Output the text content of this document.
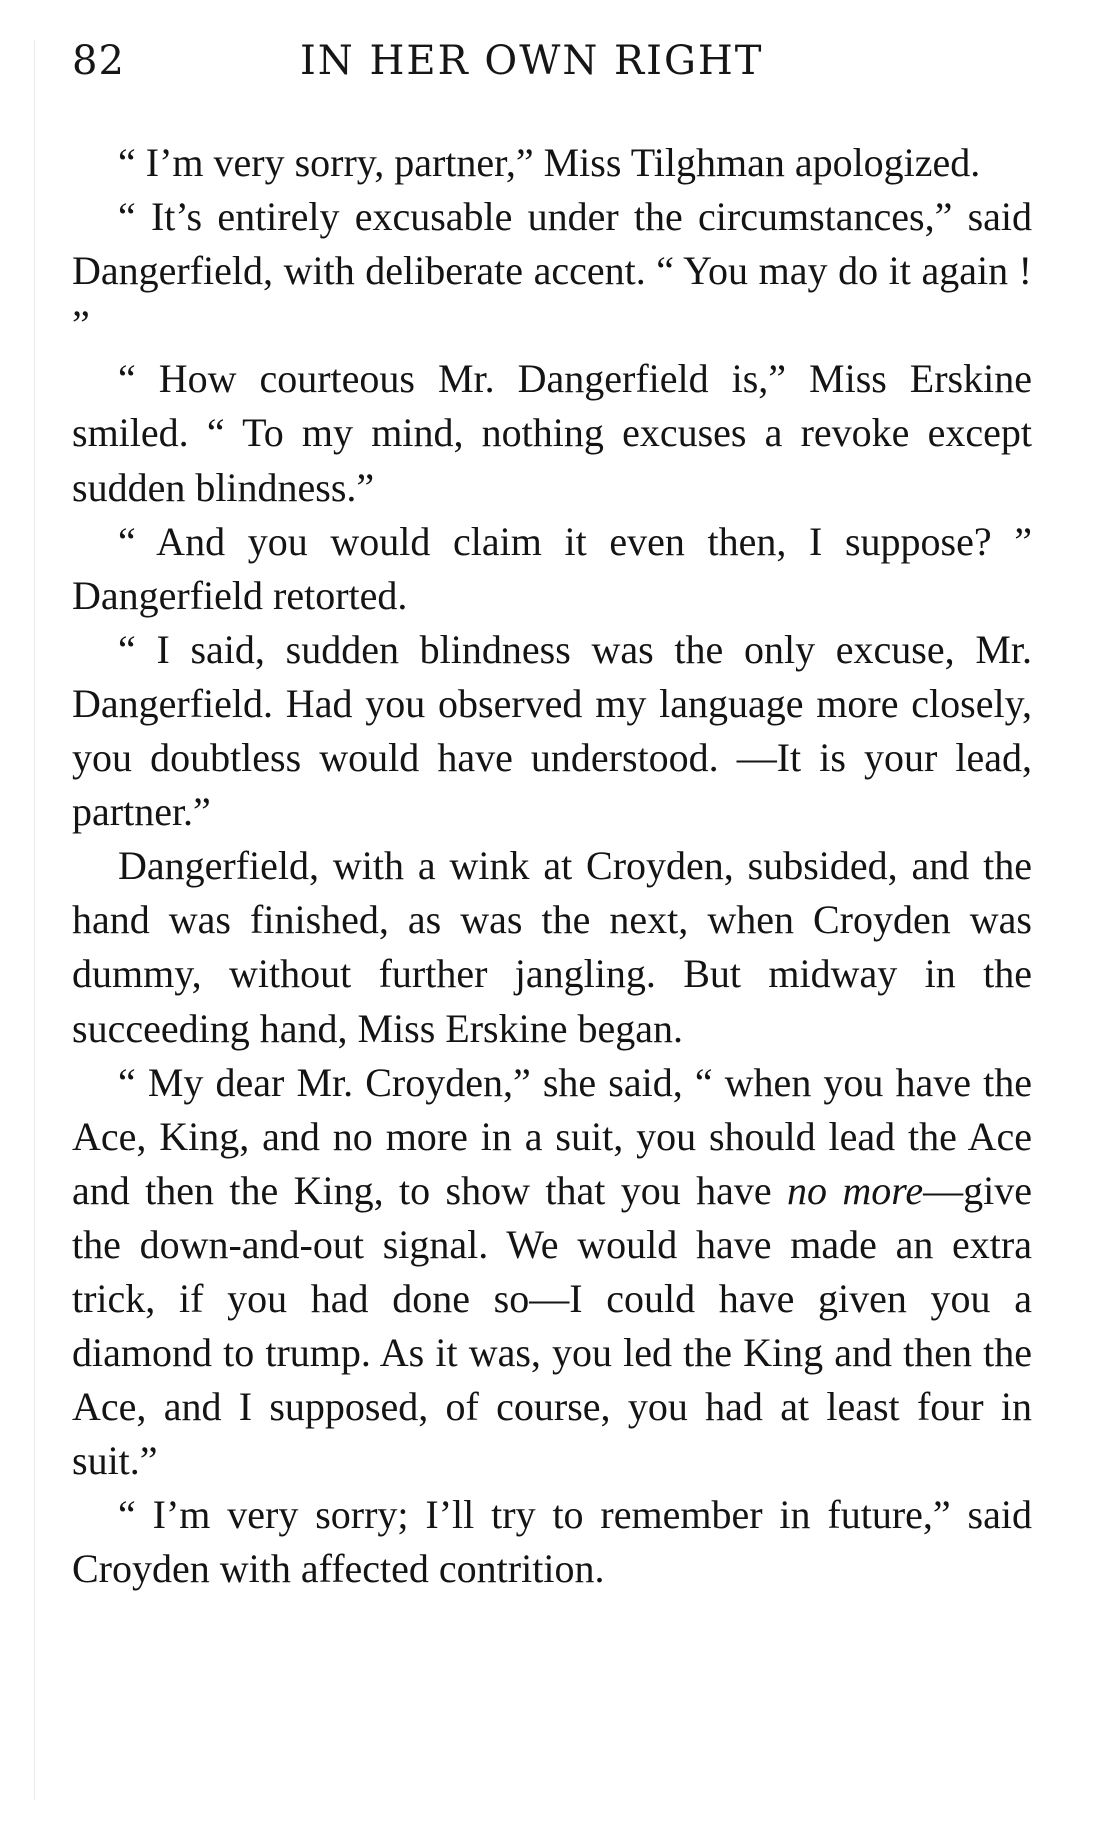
82	IN HER OWN RIGHT

“ I’m very sorry, partner,” Miss Tilghman apologized.

“ It’s entirely excusable under the circumstances,” said Dangerfield, with deliberate accent. “ You may do it again ! ”

“ How courteous Mr. Dangerfield is,” Miss Erskine smiled. “ To my mind, nothing excuses a revoke except sudden blindness.”

“ And you would claim it even then, I suppose? ” Dangerfield retorted.

“ I said, sudden blindness was the only excuse, Mr. Dangerfield. Had you observed my language more closely, you doubtless would have understood. —It is your lead, partner.”

Dangerfield, with a wink at Croyden, subsided, and the hand was finished, as was the next, when Croyden was dummy, without further jangling. But midway in the succeeding hand, Miss Erskine began.

“ My dear Mr. Croyden,” she said, “ when you have the Ace, King, and no more in a suit, you should lead the Ace and then the King, to show that you have no more—give the down-and-out signal. We would have made an extra trick, if you had done so—I could have given you a diamond to trump. As it was, you led the King and then the Ace, and I supposed, of course, you had at least four in suit.”

“ I’m very sorry; I’ll try to remember in future,” said Croyden with affected contrition.
